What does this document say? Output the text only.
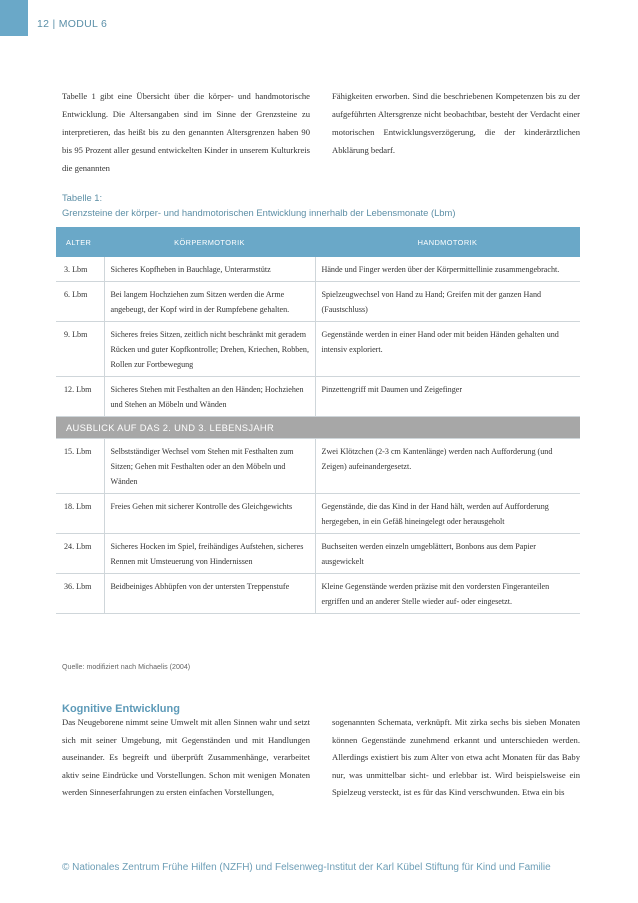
12 | MODUL 6

Tabelle 1 gibt eine Übersicht über die körper- und handmotorische Entwicklung. Die Altersangaben sind im Sinne der Grenzsteine zu interpretieren, das heißt bis zu den genannten Altersgrenzen haben 90 bis 95 Prozent aller gesund entwickelten Kinder in unserem Kulturkreis die genannten

Fähigkeiten erworben. Sind die beschriebenen Kompetenzen bis zu der aufgeführten Altersgrenze nicht beobachtbar, besteht der Verdacht einer motorischen Entwicklungsverzögerung, die der kinderärztlichen Abklärung bedarf.

Tabelle 1:
Grenzsteine der körper- und handmotorischen Entwicklung innerhalb der Lebensmonate (Lbm)
ALTER	KÖRPERMOTORIK	HANDMOTORIK
3. Lbm	Sicheres Kopfheben in Bauchlage, Unterarmstütz	Hände und Finger werden über der Körpermittellinie zusammengebracht.
6. Lbm	Bei langem Hochziehen zum Sitzen werden die Arme angebeugt, der Kopf wird in der Rumpfebene gehalten.	Spielzeugwechsel von Hand zu Hand; Greifen mit der ganzen Hand (Faustschluss)
9. Lbm	Sicheres freies Sitzen, zeitlich nicht beschränkt mit geradem Rücken und guter Kopfkontrolle; Drehen, Kriechen, Robben, Rollen zur Fortbewegung	Gegenstände werden in einer Hand oder mit beiden Händen gehalten und intensiv exploriert.
12. Lbm	Sicheres Stehen mit Festhalten an den Händen; Hochziehen und Stehen an Möbeln und Wänden	Pinzettengriff mit Daumen und Zeigefinger
AUSBLICK AUF DAS 2. UND 3. LEBENSJAHR		
15. Lbm	Selbstständiger Wechsel vom Stehen mit Festhalten zum Sitzen; Gehen mit Festhalten oder an den Möbeln und Wänden	Zwei Klötzchen (2-3 cm Kantenlänge) werden nach Aufforderung (und Zeigen) aufeinandergesetzt.
18. Lbm	Freies Gehen mit sicherer Kontrolle des Gleichgewichts	Gegenstände, die das Kind in der Hand hält, werden auf Aufforderung hergegeben, in ein Gefäß hineingelegt oder herausgeholt
24. Lbm	Sicheres Hocken im Spiel, freihändiges Aufstehen, sicheres Rennen mit Umsteuerung von Hindernissen	Buchseiten werden einzeln umgeblättert, Bonbons aus dem Papier ausgewickelt
36. Lbm	Beidbeiniges Abhüpfen von der untersten Treppenstufe	Kleine Gegenstände werden präzise mit den vordersten Fingeranteilen ergriffen und an anderer Stelle wieder auf- oder eingesetzt.
Quelle: modifiziert nach Michaelis (2004)
Kognitive Entwicklung

Das Neugeborene nimmt seine Umwelt mit allen Sinnen wahr und setzt sich mit seiner Umgebung, mit Gegenständen und mit Handlungen auseinander. Es begreift und überprüft Zusammenhänge, verarbeitet aktiv seine Eindrücke und Vorstellungen. Schon mit wenigen Monaten werden Sinneserfahrungen zu ersten einfachen Vorstellungen,

sogenannten Schemata, verknüpft. Mit zirka sechs bis sieben Monaten können Gegenstände zunehmend erkannt und unterschieden werden. Allerdings existiert bis zum Alter von etwa acht Monaten für das Baby nur, was unmittelbar sicht- und erlebbar ist. Wird beispielsweise ein Spielzeug versteckt, ist es für das Kind verschwunden. Etwa ein bis

© Nationales Zentrum Frühe Hilfen (NZFH) und Felsenweg-Institut der Karl Kübel Stiftung für Kind und Familie
